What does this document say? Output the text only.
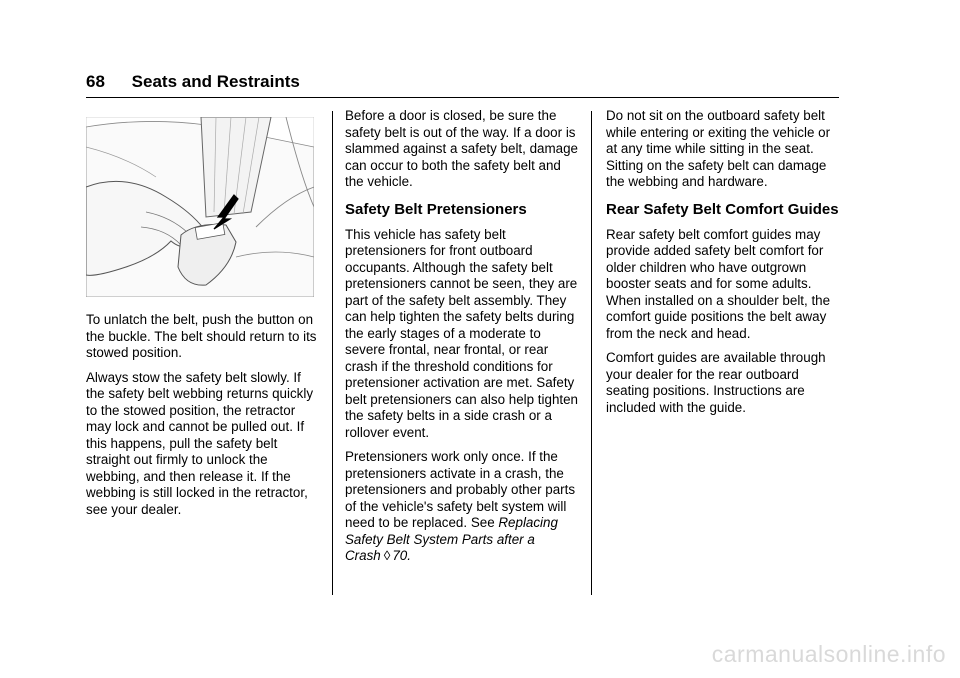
68 Seats and Restraints

To unlatch the belt, push the button on the buckle. The belt should return to its stowed position.

Always stow the safety belt slowly. If the safety belt webbing returns quickly to the stowed position, the retractor may lock and cannot be pulled out. If this happens, pull the safety belt straight out firmly to unlock the webbing, and then release it. If the webbing is still locked in the retractor, see your dealer.

Before a door is closed, be sure the safety belt is out of the way. If a door is slammed against a safety belt, damage can occur to both the safety belt and the vehicle.

Safety Belt Pretensioners

This vehicle has safety belt pretensioners for front outboard occupants. Although the safety belt pretensioners cannot be seen, they are part of the safety belt assembly. They can help tighten the safety belts during the early stages of a moderate to severe frontal, near frontal, or rear crash if the threshold conditions for pretensioner activation are met. Safety belt pretensioners can also help tighten the safety belts in a side crash or a rollover event.

Pretensioners work only once. If the pretensioners activate in a crash, the pretensioners and probably other parts of the vehicle's safety belt system will need to be replaced. See Replacing Safety Belt System Parts after a Crash ◊ 70.

Do not sit on the outboard safety belt while entering or exiting the vehicle or at any time while sitting in the seat. Sitting on the safety belt can damage the webbing and hardware.

Rear Safety Belt Comfort Guides

Rear safety belt comfort guides may provide added safety belt comfort for older children who have outgrown booster seats and for some adults. When installed on a shoulder belt, the comfort guide positions the belt away from the neck and head.

Comfort guides are available through your dealer for the rear outboard seating positions. Instructions are included with the guide.

carmanualsonline.info
